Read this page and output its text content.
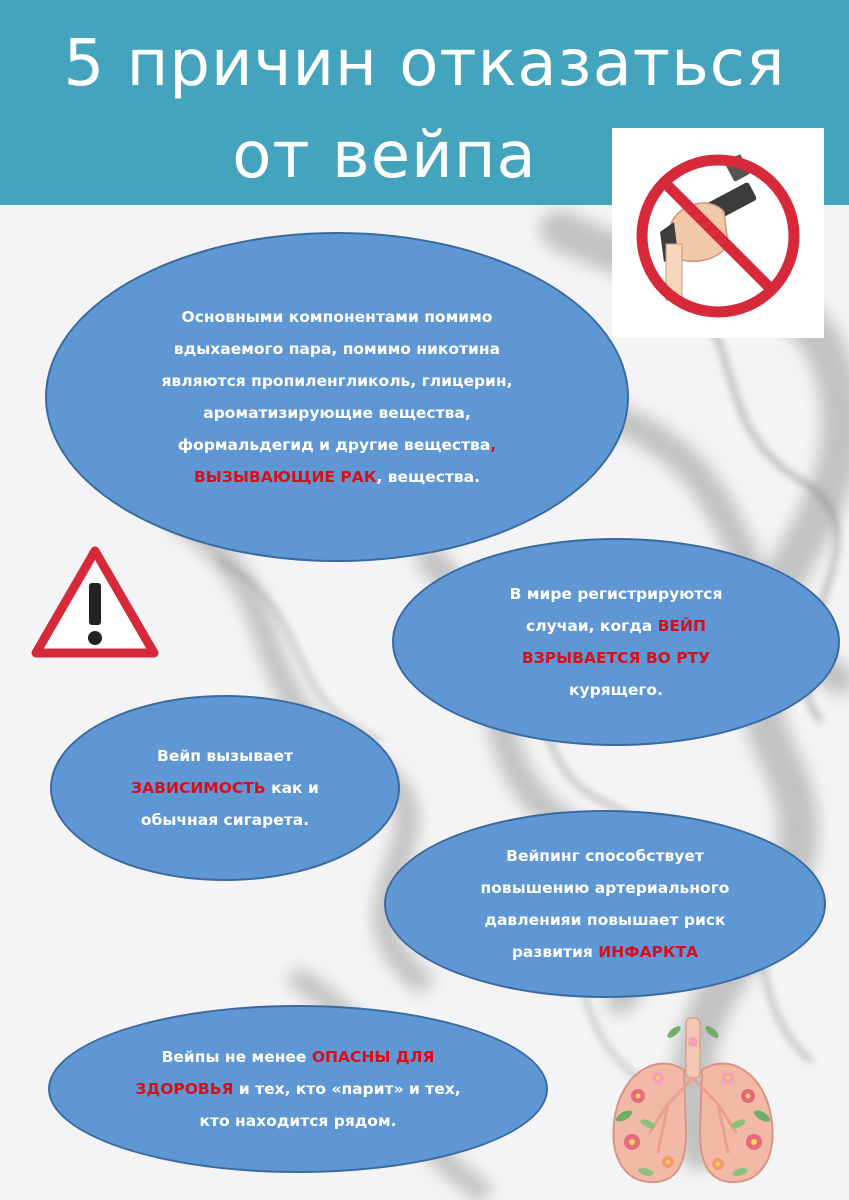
5 причин отказаться
от вейпа

Основными компонентами помимо вдыхаемого пара, помимо никотина являются пропиленгликоль, глицерин, ароматизирующие вещества, формальдегид и другие вещества, ВЫЗЫВАЮЩИЕ РАК, вещества.

В мире регистрируются случаи, когда ВЕЙП ВЗРЫВАЕТСЯ ВО РТУ курящего.

Вейп вызывает ЗАВИСИМОСТЬ как и обычная сигарета.

Вейпинг способствует повышению артериального давленияи повышает риск развития ИНФАРКТА

Вейпы не менее ОПАСНЫ ДЛЯ ЗДОРОВЬЯ и тех, кто «парит» и тех, кто находится рядом.
